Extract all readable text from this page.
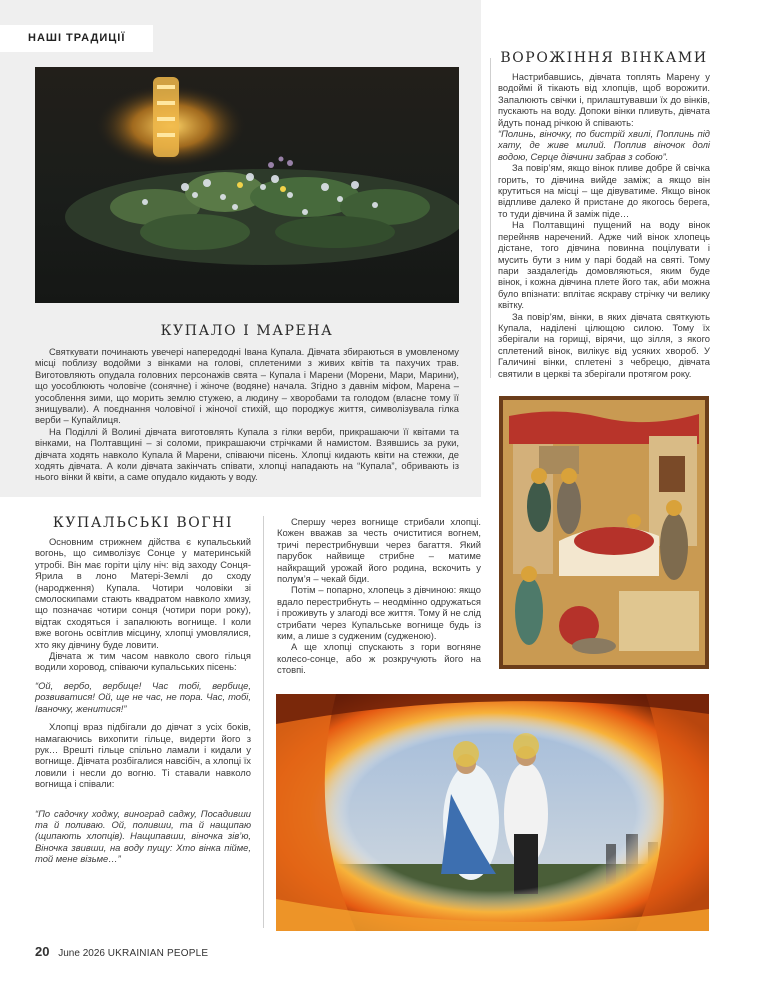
НАШІ ТРАДИЦІЇ
ВОРОЖІННЯ ВІНКАМИ

Настрибавшись, дівчата топлять Марену у водоймі й тікають від хлопців, щоб ворожити. Запалюють свічки і, прилаштувавши їх до вінків, пускають на воду. Допоки вінки пливуть, дівчата йдуть понад річкою й співають:

“Полинь, віночку, по бистрій хвилі, Поплинь під хату, де живе милий. Поплив віночок долі водою, Серце дівчини забрав з собою”.

За повір’ям, якщо вінок пливе добре й свічка горить, то дівчина вийде заміж; а якщо він крутиться на місці – ще дівуватиме. Якщо вінок відпливе далеко й пристане до якогось берега, то туди дівчина й заміж піде…

На Полтавщині пущений на воду вінок перейняв наречений. Адже чий вінок хлопець дістане, того дівчина повинна поцілувати і мусить бути з ним у парі бодай на святі. Тому пари заздалегідь домовляються, яким буде вінок, і кожна дівчина плете його так, аби можна було впізнати: вплітає яскраву стрічку чи велику квітку.

За повір’ям, вінки, в яких дівчата святкують Купала, наділені цілющою силою. Тому їх зберігали на горищі, вірячи, що зілля, з якого сплетений вінок, вилікує від усяких хвороб. У Галичині вінки, сплетені з чебрецю, дівчата святили в церкві та зберігали протягом року.

КУПАЛО І МАРЕНА

Святкувати починають увечері напередодні Івана Купала. Дівчата збираються в умовленому місці поблизу водойми з вінками на голові, сплетеними з живих квітів та пахучих трав. Виготовляють опудала головних персонажів свята – Купала і Марени (Морени, Мари, Марини), що уособлюють чоловіче (сонячне) і жіноче (водяне) начала. Згідно з давнім міфом, Марена – уособлення зими, що морить землю стужею, а людину – хворобами та голодом (власне тому її знищували). А поєднання чоловічої і жіночої стихій, що породжує життя, символізувала гілка верби – Купайлиця.

На Поділлі й Волині дівчата виготовлять Купала з гілки верби, прикрашаючи її квітами та вінками, на Полтавщині – зі соломи, прикрашаючи стрічками й намистом. Взявшись за руки, дівчата ходять навколо Купала й Марени, співаючи пісень. Хлопці кидають квіти на стежки, де ходять дівчата. А коли дівчата закінчать співати, хлопці нападають на “Купала”, обривають із нього вінки й квіти, а саме опудало кидають у воду.

КУПАЛЬСЬКІ ВОГНІ

Основним стрижнем дійства є купальський вогонь, що символізує Сонце у материнській утробі. Він має горіти цілу ніч: від заходу Сонця-Ярила в лоно Матері-Землі до сходу (народження) Купала. Чотири чоловіки зі смолоскипами стають квадратом навколо хмизу, що позначає чотири сонця (чотири пори року), відтак сходяться і запалюють вогнище. І коли вже вогонь освітлив місцину, хлопці умовлялися, хто яку дівчину буде ловити.

Дівчата ж тим часом навколо свого гільця водили хоровод, співаючи купальських пісень:

“Ой, вербо, вербице! Час тобі, вербице, розвиватися! Ой, ще не час, не пора. Час, тобі, Іваночку, женитися!”

Хлопці враз підбігали до дівчат з усіх боків, намагаючись вихопити гільце, видерти його з рук… Врешті гільце спільно ламали і кидали у вогнище. Дівчата розбігалися навсібіч, а хлопці їх ловили і несли до вогню. Ті ставали навколо вогнища і співали:

“По садочку ходжу, виноград саджу, Посадивши та й поливаю. Ой, поливши, та й нащипаю (щипають хлопців). Нащипавши, віночка зів’ю, Віночка звивши, на воду пущу: Хто вінка пійме, той мене візьме…”

Спершу через вогнище стрибали хлопці. Кожен вважав за честь очиститися вогнем, тричі перестрибнувши через багаття. Який парубок найвище стрибне – матиме найкращий урожай його родина, вскочить у полум’я – чекай біди.

Потім – попарно, хлопець з дівчиною: якщо вдало перестрибнуть – неодмінно одружаться і проживуть у злагоді все життя. Тому й не слід стрибати через Купальське вогнище будь із ким, а лише з судженим (судженою).

А ще хлопці спускають з гори вогняне колесо-сонце, або ж розкручують його на стовпі.

20 June 2026 UKRAINIAN PEOPLE
